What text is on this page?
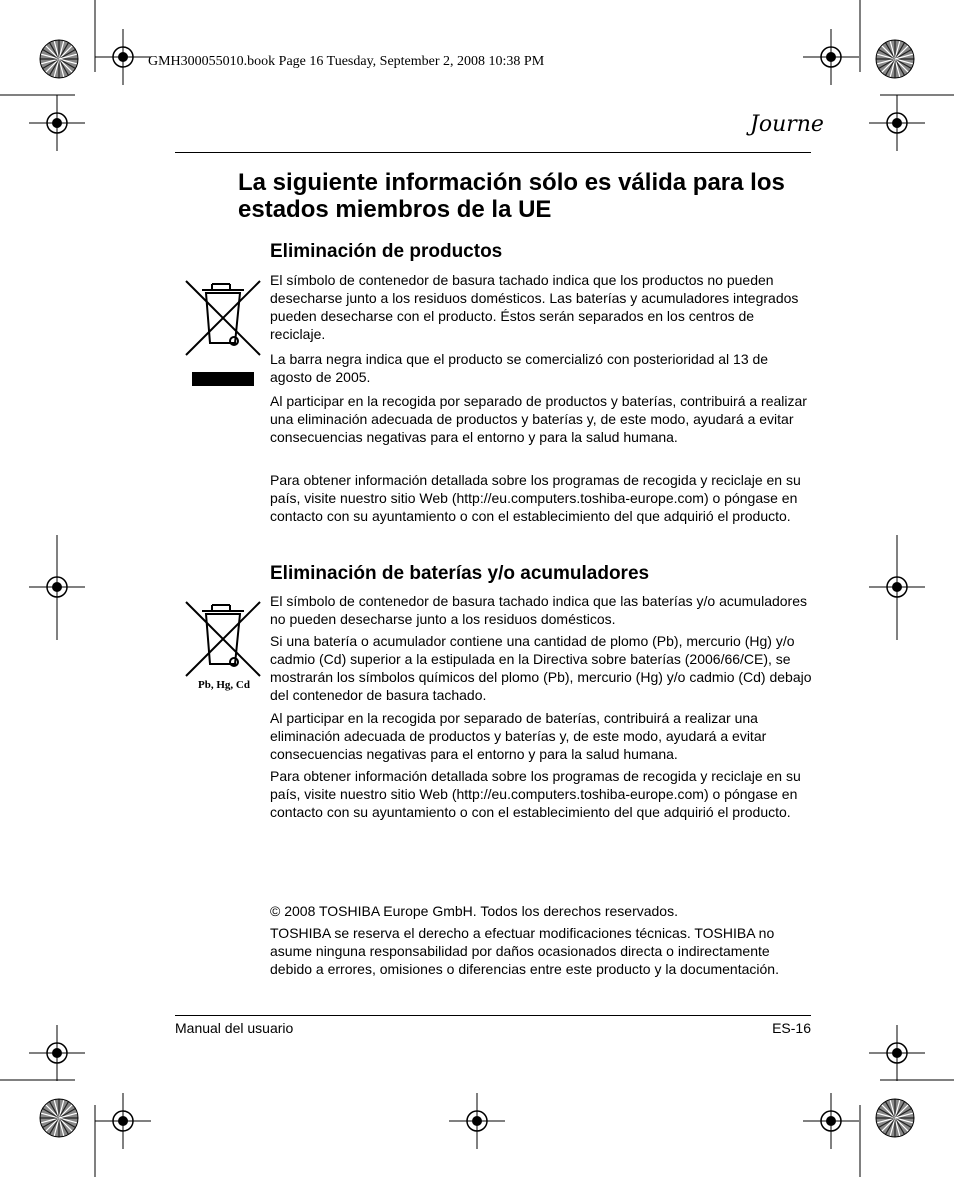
GMH300055010.book Page 16 Tuesday, September 2, 2008 10:38 PM
Journe
La siguiente información sólo es válida para los estados miembros de la UE
Eliminación de productos
El símbolo de contenedor de basura tachado indica que los productos no pueden desecharse junto a los residuos domésticos. Las baterías y acumuladores integrados pueden desecharse con el producto. Éstos serán separados en los centros de reciclaje.
La barra negra indica que el producto se comercializó con posterioridad al 13 de agosto de 2005.
Al participar en la recogida por separado de productos y baterías, contribuirá a realizar una eliminación adecuada de productos y baterías y, de este modo, ayudará a evitar consecuencias negativas para el entorno y para la salud humana.
Para obtener información detallada sobre los programas de recogida y reciclaje en su país, visite nuestro sitio Web (http://eu.computers.toshiba-europe.com) o póngase en contacto con su ayuntamiento o con el establecimiento del que adquirió el producto.
Eliminación de baterías y/o acumuladores
Pb, Hg, Cd
El símbolo de contenedor de basura tachado indica que las baterías y/o acumuladores no pueden desecharse junto a los residuos domésticos.
Si una batería o acumulador contiene una cantidad de plomo (Pb), mercurio (Hg) y/o cadmio (Cd) superior a la estipulada en la Directiva sobre baterías (2006/66/CE), se mostrarán los símbolos químicos del plomo (Pb), mercurio (Hg) y/o cadmio (Cd) debajo del contenedor de basura tachado.
Al participar en la recogida por separado de baterías, contribuirá a realizar una eliminación adecuada de productos y baterías y, de este modo, ayudará a evitar consecuencias negativas para el entorno y para la salud humana.
Para obtener información detallada sobre los programas de recogida y reciclaje en su país, visite nuestro sitio Web (http://eu.computers.toshiba-europe.com) o póngase en contacto con su ayuntamiento o con el establecimiento del que adquirió el producto.
© 2008 TOSHIBA Europe GmbH. Todos los derechos reservados.
TOSHIBA se reserva el derecho a efectuar modificaciones técnicas. TOSHIBA no asume ninguna responsabilidad por daños ocasionados directa o indirectamente debido a errores, omisiones o diferencias entre este producto y la documentación.
Manual del usuario	ES-16
